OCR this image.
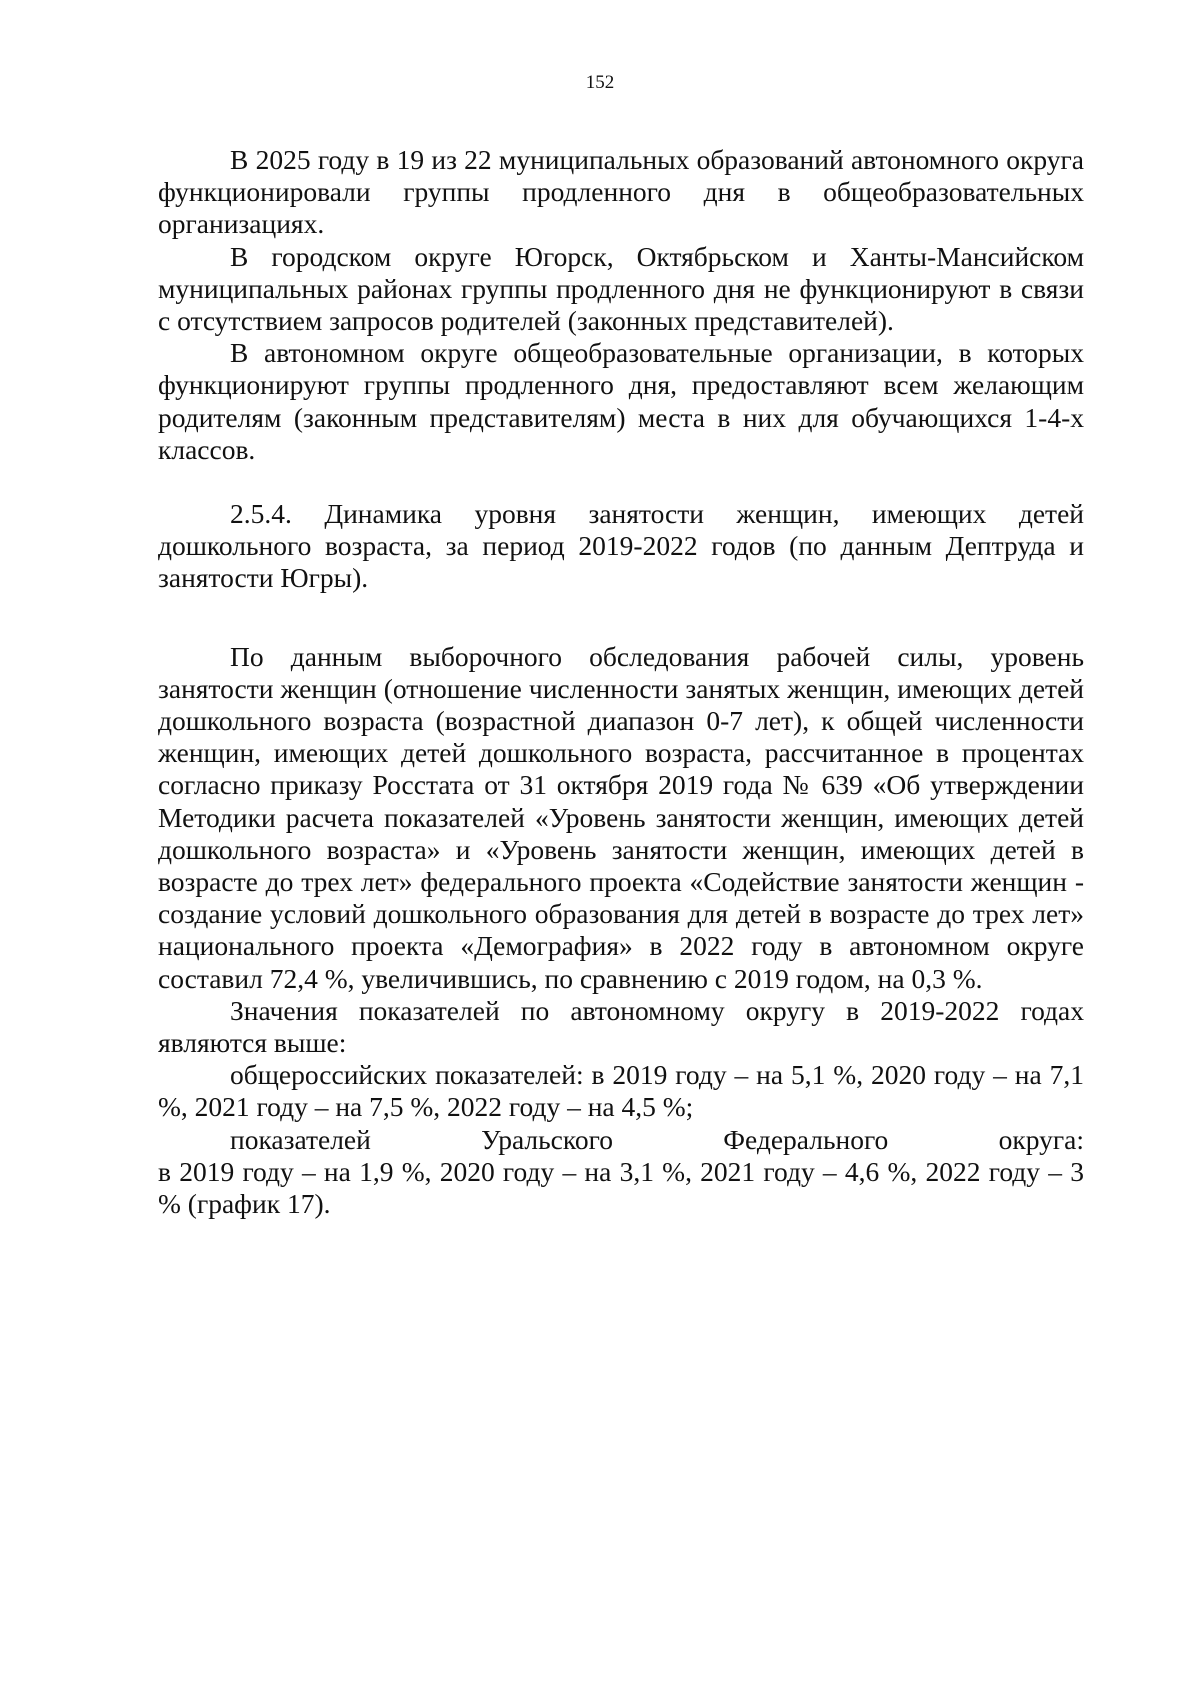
152

В 2025 году в 19 из 22 муниципальных образований автономного округа функционировали группы продленного дня в общеобразовательных организациях.

В городском округе Югорск, Октябрьском и Ханты-Мансийском муниципальных районах группы продленного дня не функционируют в связи с отсутствием запросов родителей (законных представителей).

В автономном округе общеобразовательные организации, в которых функционируют группы продленного дня, предоставляют всем желающим родителям (законным представителям) места в них для обучающихся 1-4-х классов.

2.5.4. Динамика уровня занятости женщин, имеющих детей дошкольного возраста, за период 2019-2022 годов (по данным Дептруда и занятости Югры).

По данным выборочного обследования рабочей силы, уровень занятости женщин (отношение численности занятых женщин, имеющих детей дошкольного возраста (возрастной диапазон 0-7 лет), к общей численности женщин, имеющих детей дошкольного возраста, рассчитанное в процентах согласно приказу Росстата от 31 октября 2019 года № 639 «Об утверждении Методики расчета показателей «Уровень занятости женщин, имеющих детей дошкольного возраста» и «Уровень занятости женщин, имеющих детей в возрасте до трех лет» федерального проекта «Содействие занятости женщин - создание условий дошкольного образования для детей в возрасте до трех лет» национального проекта «Демография» в 2022 году в автономном округе составил 72,4 %, увеличившись, по сравнению с 2019 годом, на 0,3 %.

Значения показателей по автономному округу в 2019-2022 годах являются выше:

общероссийских показателей: в 2019 году – на 5,1 %, 2020 году – на 7,1 %, 2021 году – на 7,5 %, 2022 году – на 4,5 %;

показателей Уральского Федерального округа:

в 2019 году – на 1,9 %, 2020 году – на 3,1 %, 2021 году – 4,6 %, 2022 году – 3 % (график 17).
